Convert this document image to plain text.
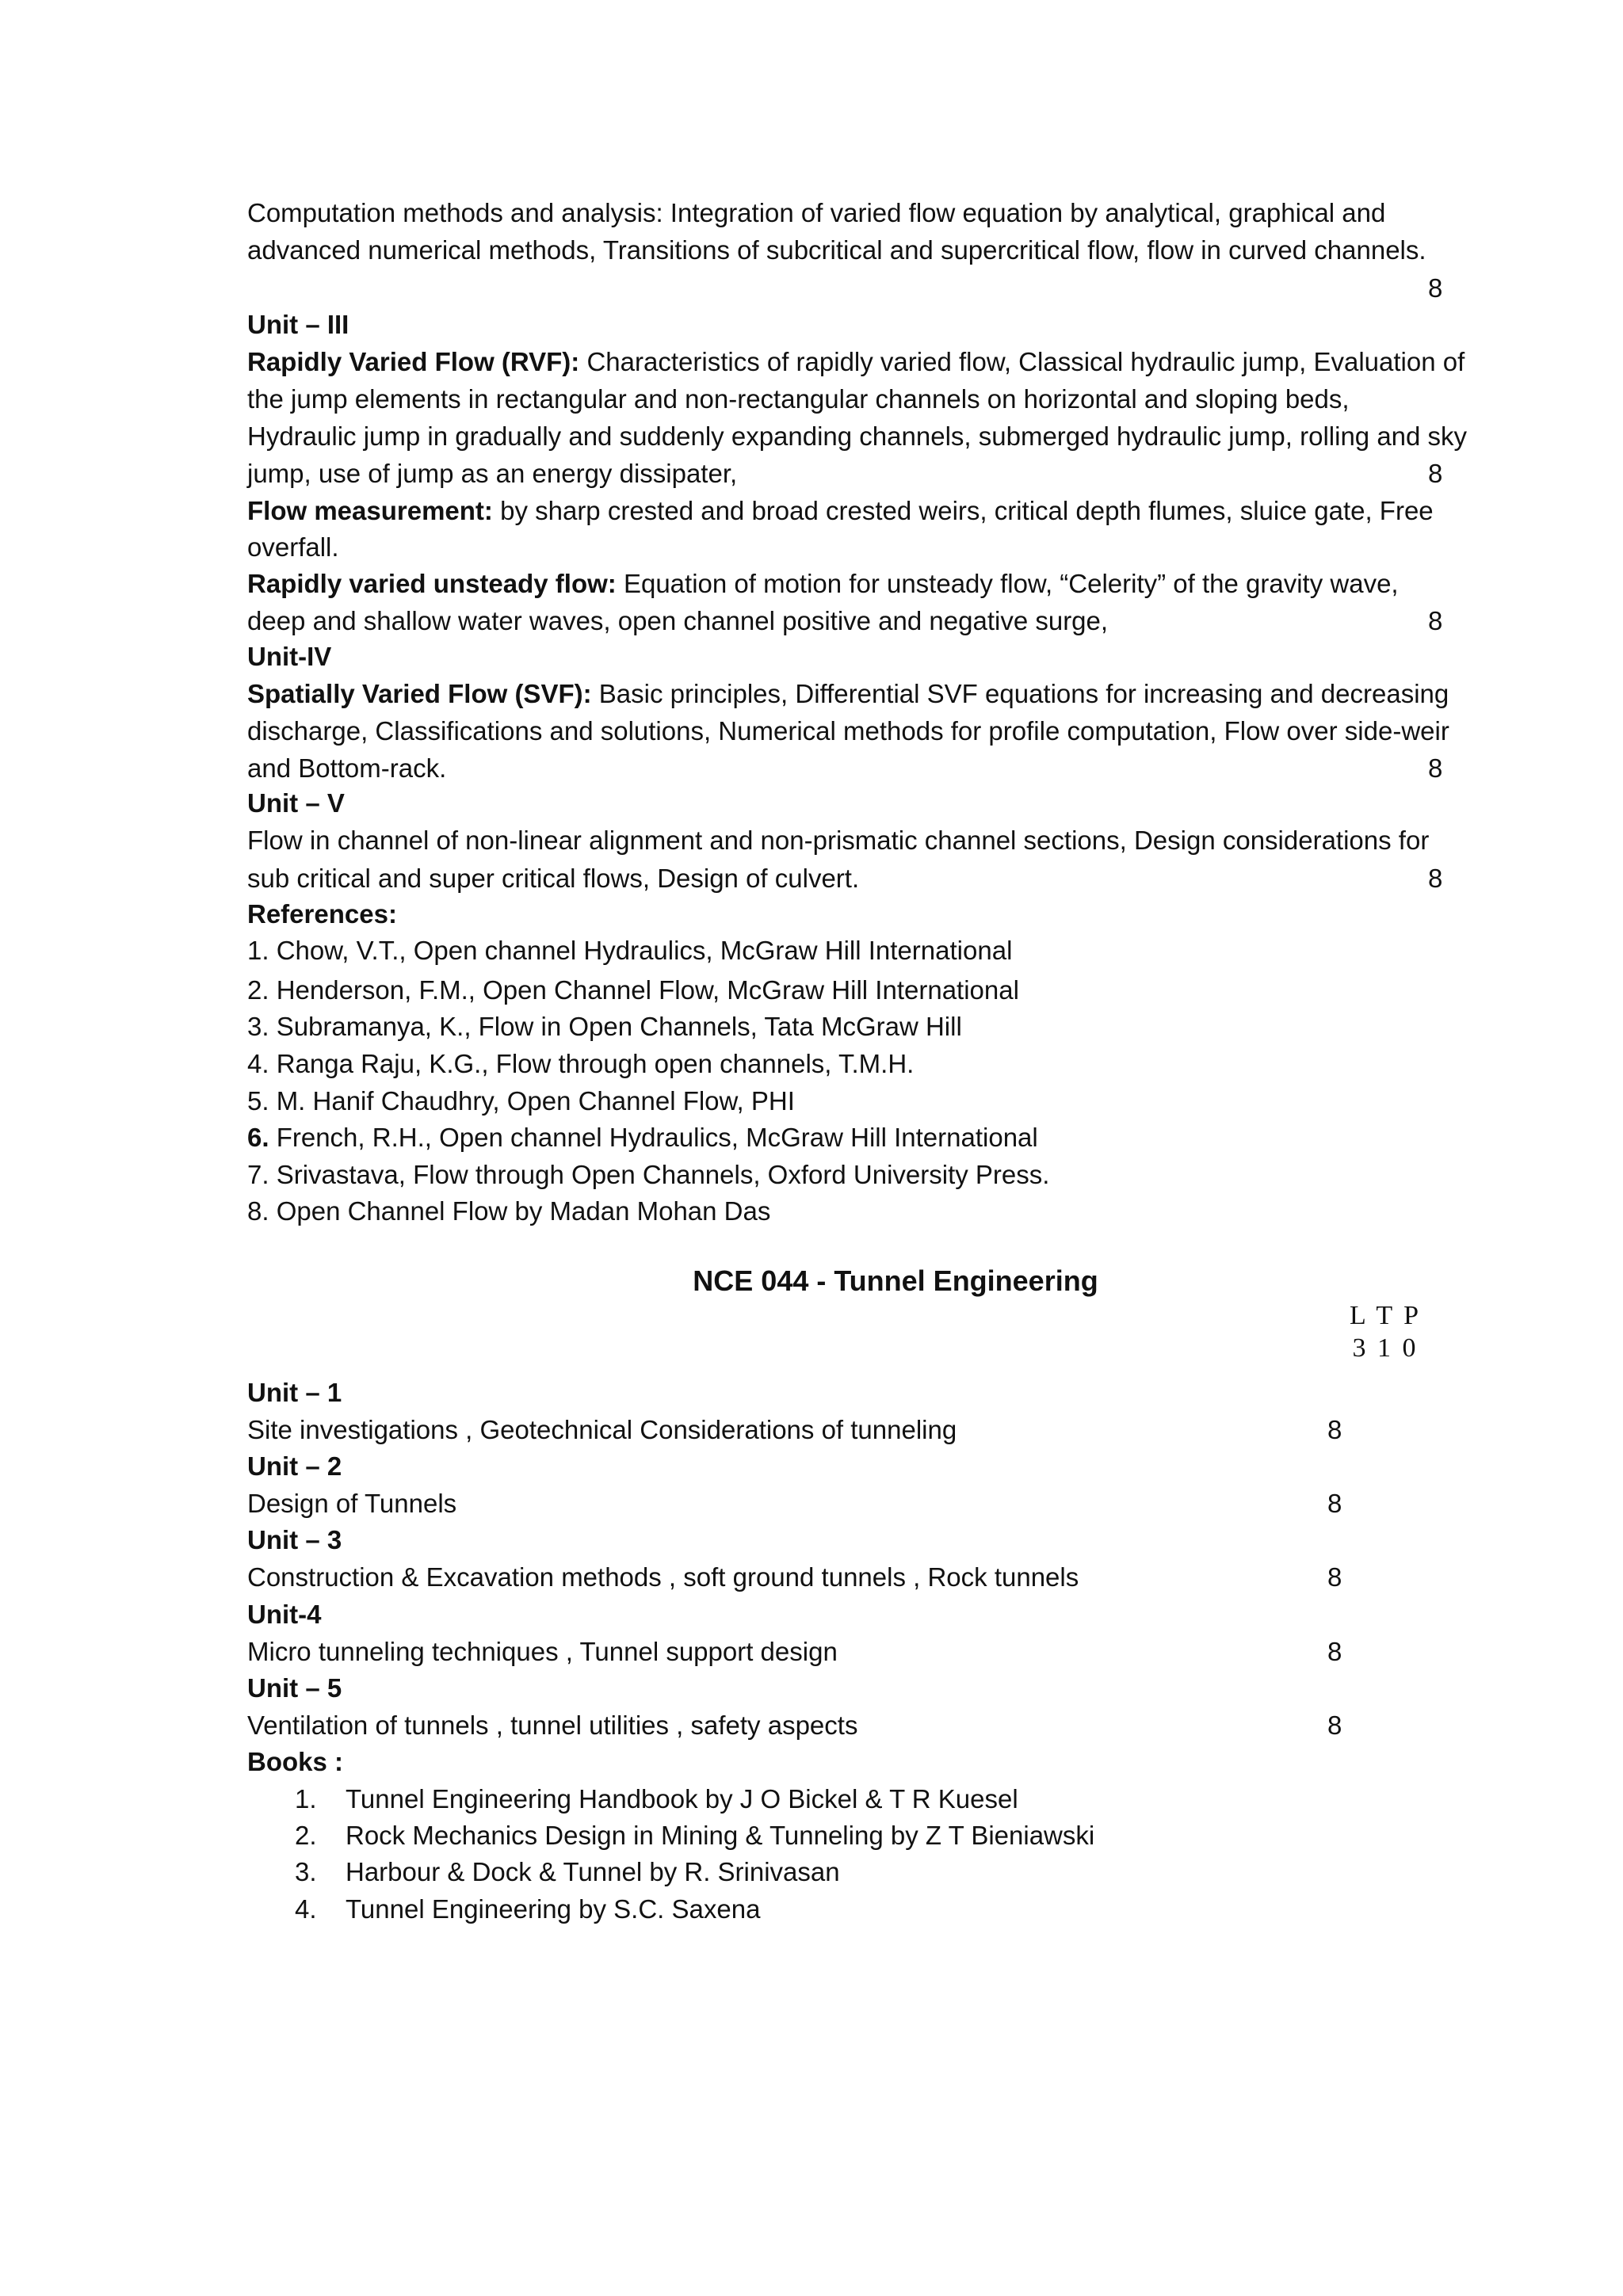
Computation methods and analysis: Integration of varied flow equation by analytical, graphical and

advanced numerical methods, Transitions of subcritical and supercritical flow, flow in curved channels.

8

Unit – III

Rapidly Varied Flow (RVF): Characteristics of rapidly varied flow, Classical hydraulic jump, Evaluation of

the jump elements in rectangular and non-rectangular channels on horizontal and sloping beds,

Hydraulic jump in gradually and suddenly expanding channels, submerged hydraulic jump, rolling and sky

jump, use of jump as an energy dissipater,	8

Flow measurement: by sharp crested and broad crested weirs, critical depth flumes, sluice gate, Free

overfall.

Rapidly varied unsteady flow: Equation of motion for unsteady flow, “Celerity” of the gravity wave,

deep and shallow water waves, open channel positive and negative surge,	8

Unit-IV

Spatially Varied Flow (SVF): Basic principles, Differential SVF equations for increasing and decreasing

discharge, Classifications and solutions, Numerical methods for profile computation, Flow over side-weir

and Bottom-rack.	8

Unit – V

Flow in channel of non-linear alignment and non-prismatic channel sections, Design considerations for

sub critical and super critical flows, Design of culvert.	8

References:

1. Chow, V.T., Open channel Hydraulics, McGraw Hill International

2. Henderson, F.M., Open Channel Flow, McGraw Hill International

3. Subramanya, K., Flow in Open Channels, Tata McGraw Hill

4. Ranga Raju, K.G., Flow through open channels, T.M.H.

5. M. Hanif Chaudhry, Open Channel Flow, PHI

6. French, R.H., Open channel Hydraulics, McGraw Hill International

7. Srivastava, Flow through Open Channels, Oxford University Press.

8. Open Channel Flow by Madan Mohan Das

NCE 044 - Tunnel Engineering
L T P
3 1 0

Unit – 1

Site investigations , Geotechnical Considerations of tunneling	8

Unit – 2

Design of Tunnels	8

Unit – 3

Construction & Excavation methods , soft ground tunnels , Rock tunnels	8

Unit-4

Micro tunneling techniques , Tunnel support design	8

Unit – 5

Ventilation of tunnels , tunnel utilities , safety aspects	8

Books :

1. Tunnel Engineering Handbook by J O Bickel & T R Kuesel
2. Rock Mechanics Design in Mining & Tunneling by Z T Bieniawski
3. Harbour & Dock & Tunnel by R. Srinivasan
4. Tunnel Engineering by S.C. Saxena
